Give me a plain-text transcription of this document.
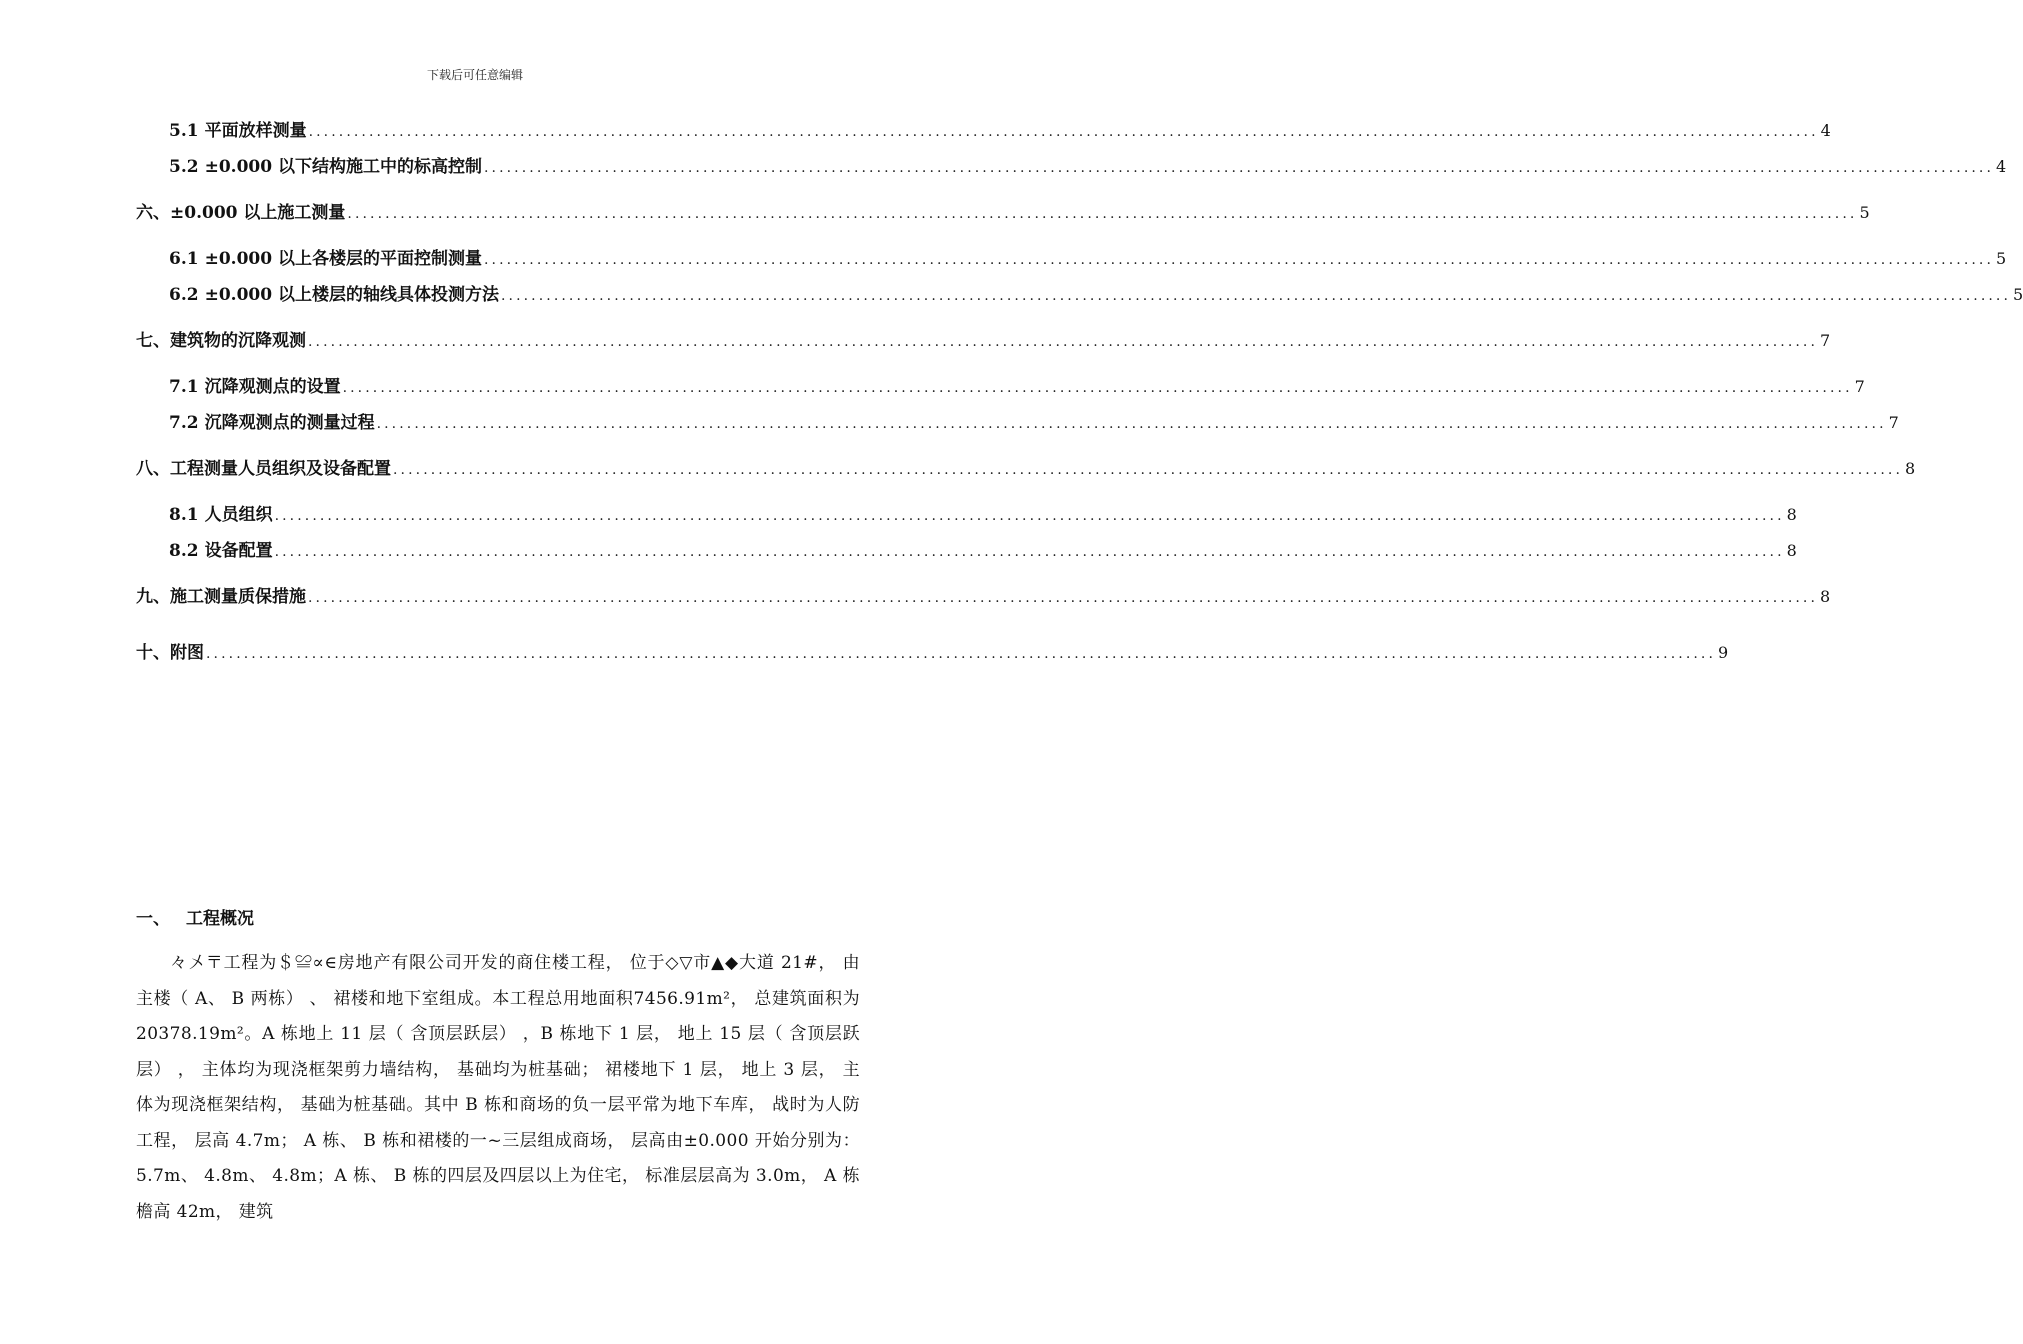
下载后可任意编辑
5.1 平面放样测量 ........................................................................................................................................................................................................ 4
5.2 ±0.000 以下结构施工中的标高控制 ........................................................................................................................................................................................................ 4
六、 ±0.000 以上施工测量 ........................................................................................................................................................................................................ 5
6.1 ±0.000 以上各楼层的平面控制测量 ........................................................................................................................................................................................................ 5
6.2 ±0.000 以上楼层的轴线具体投测方法 ........................................................................................................................................................................................................ 5
七、 建筑物的沉降观测 ........................................................................................................................................................................................................ 7
7.1 沉降观测点的设置 ........................................................................................................................................................................................................ 7
7.2 沉降观测点的测量过程 ........................................................................................................................................................................................................ 7
八、 工程测量人员组织及设备配置 ........................................................................................................................................................................................................ 8
8.1 人员组织 ........................................................................................................................................................................................................ 8
8.2 设备配置 ........................................................................................................................................................................................................ 8
九、 施工测量质保措施 ........................................................................................................................................................................................................ 8
十、 附图 ........................................................................................................................................................................................................ 9
一、 工程概况

々〤〒工程为＄≌∝∈房地产有限公司开发的商住楼工程， 位于◇▽市▲◆大道 21#， 由主楼（ A、 B 两栋） 、 裙楼和地下室组成。本工程总用地面积7456.91m²， 总建筑面积为 20378.19m²。A 栋地上 11 层（ 含顶层跃层） ，B 栋地下 1 层， 地上 15 层（ 含顶层跃层） ， 主体均为现浇框架剪力墙结构， 基础均为桩基础； 裙楼地下 1 层， 地上 3 层， 主体为现浇框架结构， 基础为桩基础。其中 B 栋和商场的负一层平常为地下车库， 战时为人防工程， 层高 4.7m； A 栋、 B 栋和裙楼的一~三层组成商场， 层高由±0.000 开始分别为： 5.7m、 4.8m、 4.8m；A 栋、 B 栋的四层及四层以上为住宅， 标准层层高为 3.0m， A 栋檐高 42m， 建筑
